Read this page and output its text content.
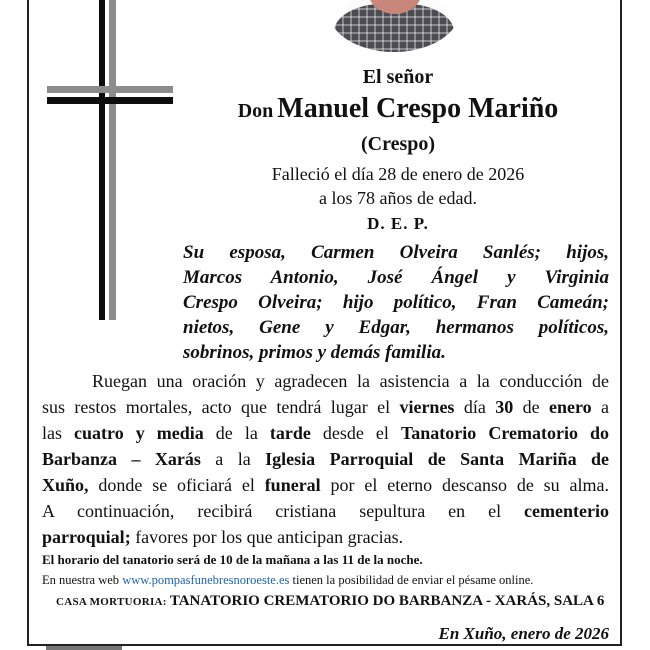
El señor
Don Manuel Crespo Mariño
(Crespo)
Falleció el día 28 de enero de 2026
a los 78 años de edad.
D. E. P.
Su esposa, Carmen Olveira Sanlés; hijos,
Marcos Antonio, José Ángel y Virginia
Crespo Olveira; hijo político, Fran Cameán;
nietos, Gene y Edgar, hermanos políticos,
sobrinos, primos y demás familia.
Ruegan una oración y agradecen la asistencia a la conducción de
sus restos mortales, acto que tendrá lugar el viernes día 30 de enero a
las cuatro y media de la tarde desde el Tanatorio Crematorio do
Barbanza – Xarás a la Iglesia Parroquial de Santa Mariña de
Xuño, donde se oficiará el funeral por el eterno descanso de su alma.
A continuación, recibirá cristiana sepultura en el cementerio
parroquial; favores por los que anticipan gracias.
El horario del tanatorio será de 10 de la mañana a las 11 de la noche.
En nuestra web www.pompasfunebresnoroeste.es tienen la posibilidad de enviar el pésame online.
CASA MORTUORIA: TANATORIO CREMATORIO DO BARBANZA - XARÁS, SALA 6
En Xuño, enero de 2026
